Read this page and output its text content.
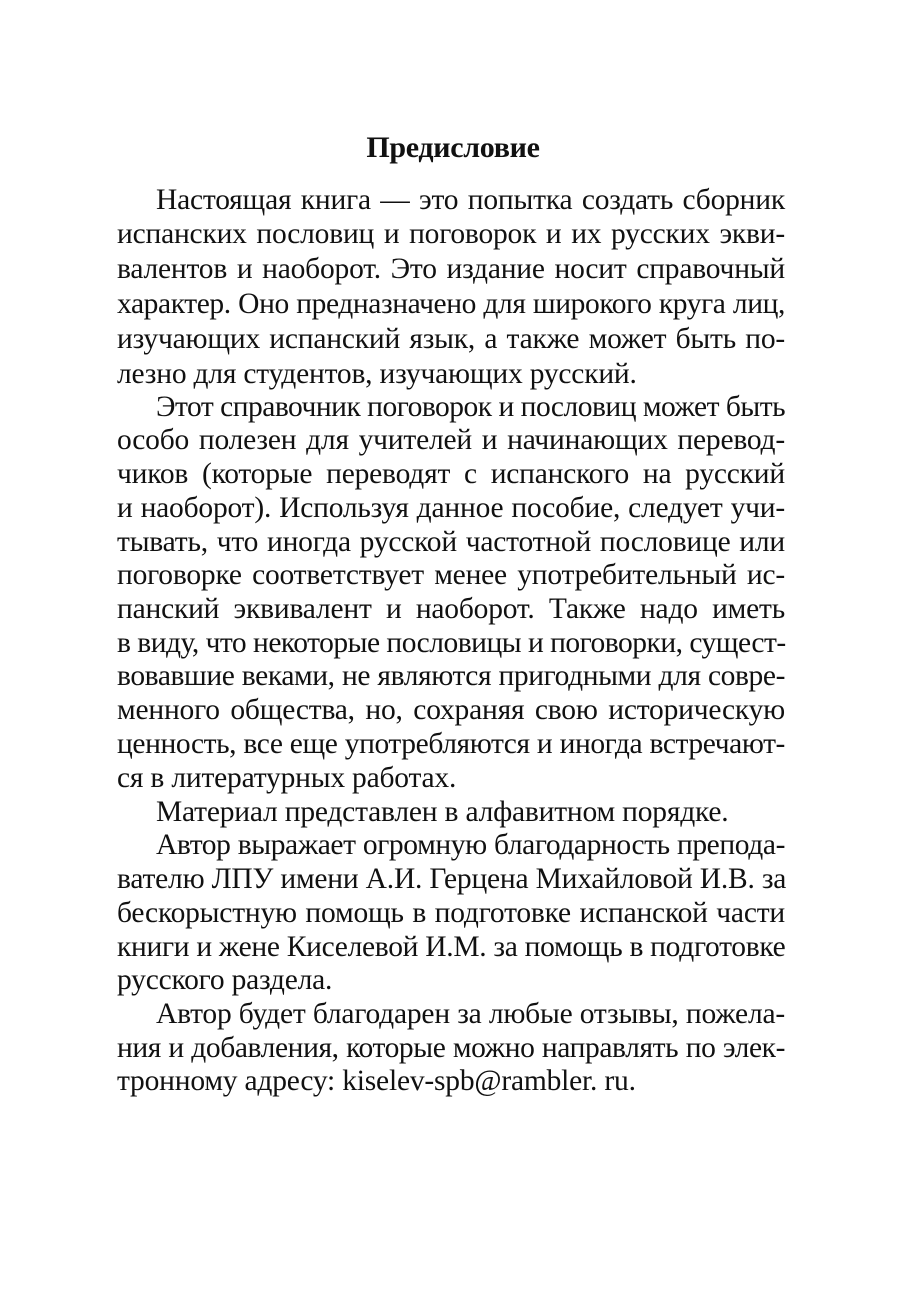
Предисловие
Настоящая книга — это попытка создать сборник
испанских пословиц и поговорок и их русских экви-
валентов и наоборот. Это издание носит справочный
характер. Оно предназначено для широкого круга лиц,
изучающих испанский язык, а также может быть по-
лезно для студентов, изучающих русский.
Этот справочник поговорок и пословиц может быть
особо полезен для учителей и начинающих перевод-
чиков (которые переводят с испанского на русский
и наоборот). Используя данное пособие, следует учи-
тывать, что иногда русской частотной пословице или
поговорке соответствует менее употребительный ис-
панский эквивалент и наоборот. Также надо иметь
в виду, что некоторые пословицы и поговорки, сущест-
вовавшие веками, не являются пригодными для совре-
менного общества, но, сохраняя свою историческую
ценность, все еще употребляются и иногда встречают-
ся в литературных работах.
Материал представлен в алфавитном порядке.
Автор выражает огромную благодарность препода-
вателю ЛПУ имени А.И. Герцена Михайловой И.В. за
бескорыстную помощь в подготовке испанской части
книги и жене Киселевой И.М. за помощь в подготовке
русского раздела.
Автор будет благодарен за любые отзывы, пожела-
ния и добавления, которые можно направлять по элек-
тронному адресу: kiselev-spb@rambler. ru.
